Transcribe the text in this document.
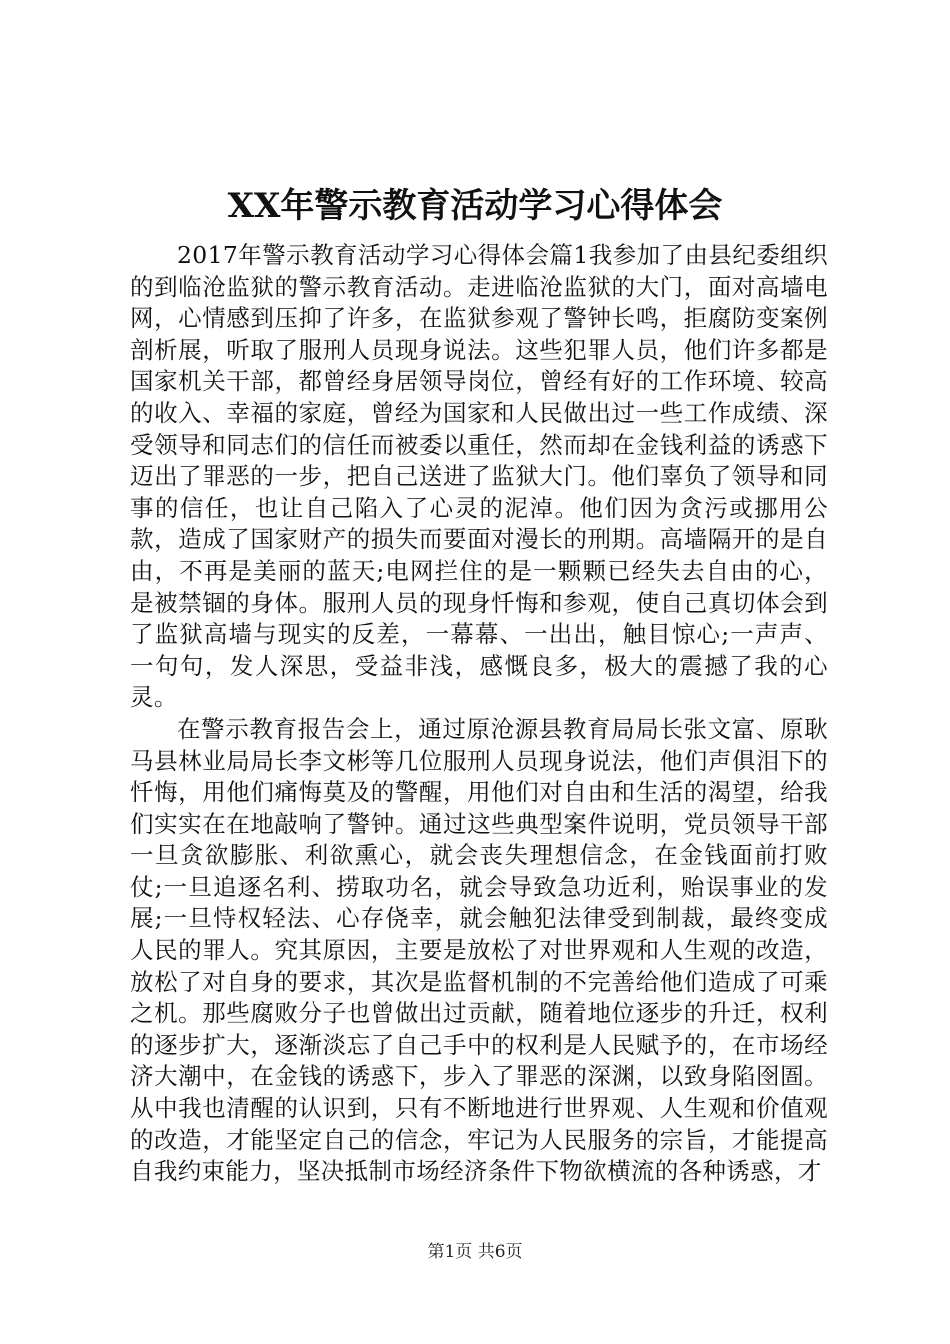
XX年警示教育活动学习心得体会

2017年警示教育活动学习心得体会篇1我参加了由县纪委组织的到临沧监狱的警示教育活动。走进临沧监狱的大门，面对高墙电网，心情感到压抑了许多，在监狱参观了警钟长鸣，拒腐防变案例剖析展，听取了服刑人员现身说法。这些犯罪人员，他们许多都是国家机关干部，都曾经身居领导岗位，曾经有好的工作环境、较高的收入、幸福的家庭，曾经为国家和人民做出过一些工作成绩、深受领导和同志们的信任而被委以重任，然而却在金钱利益的诱惑下迈出了罪恶的一步，把自己送进了监狱大门。他们辜负了领导和同事的信任，也让自己陷入了心灵的泥淖。他们因为贪污或挪用公款，造成了国家财产的损失而要面对漫长的刑期。高墙隔开的是自由，不再是美丽的蓝天;电网拦住的是一颗颗已经失去自由的心，是被禁锢的身体。服刑人员的现身忏悔和参观，使自己真切体会到了监狱高墙与现实的反差，一幕幕、一出出，触目惊心;一声声、一句句，发人深思，受益非浅，感慨良多，极大的震撼了我的心灵。

在警示教育报告会上，通过原沧源县教育局局长张文富、原耿马县林业局局长李文彬等几位服刑人员现身说法，他们声俱泪下的忏悔，用他们痛悔莫及的警醒，用他们对自由和生活的渴望，给我们实实在在地敲响了警钟。通过这些典型案件说明，党员领导干部一旦贪欲膨胀、利欲熏心，就会丧失理想信念，在金钱面前打败仗;一旦追逐名利、捞取功名，就会导致急功近利，贻误事业的发展;一旦恃权轻法、心存侥幸，就会触犯法律受到制裁，最终变成人民的罪人。究其原因，主要是放松了对世界观和人生观的改造，放松了对自身的要求，其次是监督机制的不完善给他们造成了可乘之机。那些腐败分子也曾做出过贡献，随着地位逐步的升迁，权利的逐步扩大，逐渐淡忘了自己手中的权利是人民赋予的，在市场经济大潮中，在金钱的诱惑下，步入了罪恶的深渊，以致身陷囹圄。从中我也清醒的认识到，只有不断地进行世界观、人生观和价值观的改造，才能坚定自己的信念，牢记为人民服务的宗旨，才能提高自我约束能力，坚决抵制市场经济条件下物欲横流的各种诱惑，才

第1页 共6页
